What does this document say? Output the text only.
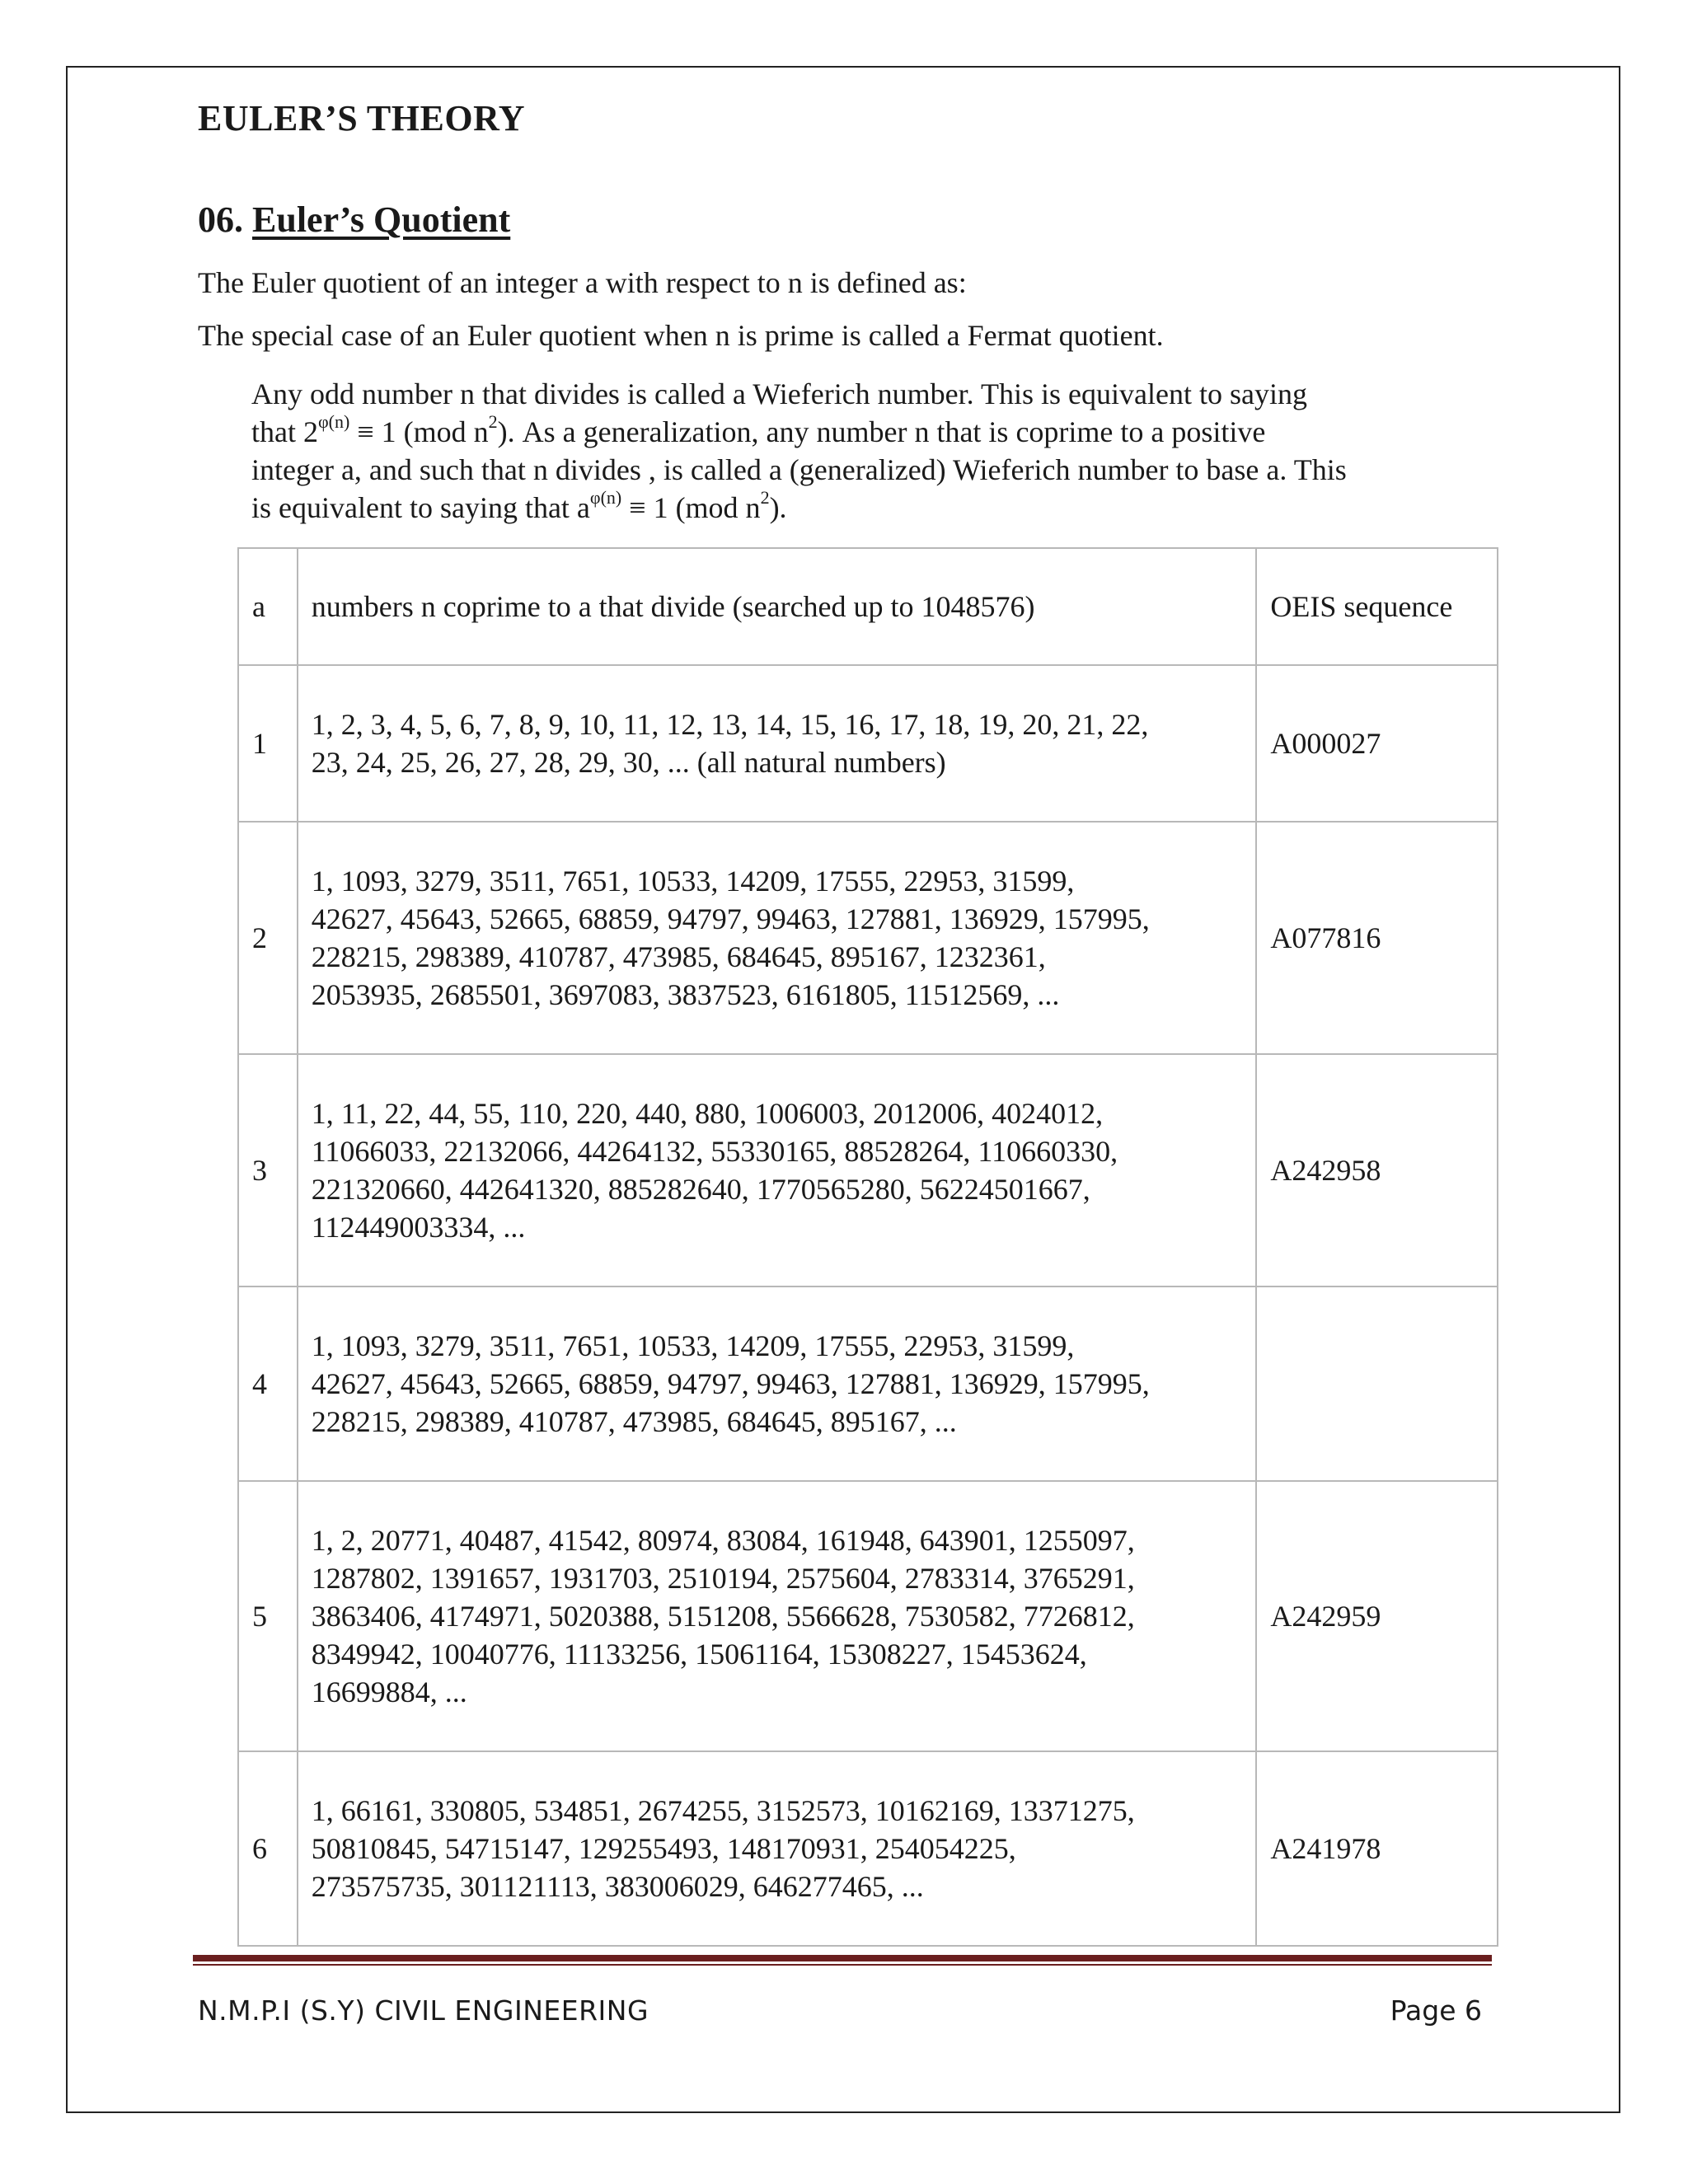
EULER’S THEORY
06. Euler’s Quotient

The Euler quotient of an integer a with respect to n is defined as:

The special case of an Euler quotient when n is prime is called a Fermat quotient.

Any odd number n that divides is called a Wieferich number. This is equivalent to saying
that $2^{\varphi(n)} \equiv 1$ (mod $n^2$). As a generalization, any number n that is coprime to a positive
integer a, and such that n divides , is called a (generalized) Wieferich number to base a. This
is equivalent to saying that $a^{\varphi(n)} \equiv 1$ (mod $n^2$).
a	numbers n coprime to a that divide (searched up to 1048576)	OEIS sequence
1	1, 2, 3, 4, 5, 6, 7, 8, 9, 10, 11, 12, 13, 14, 15, 16, 17, 18, 19, 20, 21, 22,
23, 24, 25, 26, 27, 28, 29, 30, ... (all natural numbers)	A000027
2	1, 1093, 3279, 3511, 7651, 10533, 14209, 17555, 22953, 31599,
42627, 45643, 52665, 68859, 94797, 99463, 127881, 136929, 157995,
228215, 298389, 410787, 473985, 684645, 895167, 1232361,
2053935, 2685501, 3697083, 3837523, 6161805, 11512569, ...	A077816
3	1, 11, 22, 44, 55, 110, 220, 440, 880, 1006003, 2012006, 4024012,
11066033, 22132066, 44264132, 55330165, 88528264, 110660330,
221320660, 442641320, 885282640, 1770565280, 56224501667,
112449003334, ...	A242958
4	1, 1093, 3279, 3511, 7651, 10533, 14209, 17555, 22953, 31599,
42627, 45643, 52665, 68859, 94797, 99463, 127881, 136929, 157995,
228215, 298389, 410787, 473985, 684645, 895167, ...	

5	1, 2, 20771, 40487, 41542, 80974, 83084, 161948, 643901, 1255097,
1287802, 1391657, 1931703, 2510194, 2575604, 2783314, 3765291,
3863406, 4174971, 5020388, 5151208, 5566628, 7530582, 7726812,
8349942, 10040776, 11133256, 15061164, 15308227, 15453624,
16699884, ...	A242959
6	1, 66161, 330805, 534851, 2674255, 3152573, 10162169, 13371275,
50810845, 54715147, 129255493, 148170931, 254054225,
273575735, 301121113, 383006029, 646277465, ...	A241978
N.M.P.I (S.Y) CIVIL ENGINEERING	Page 6
